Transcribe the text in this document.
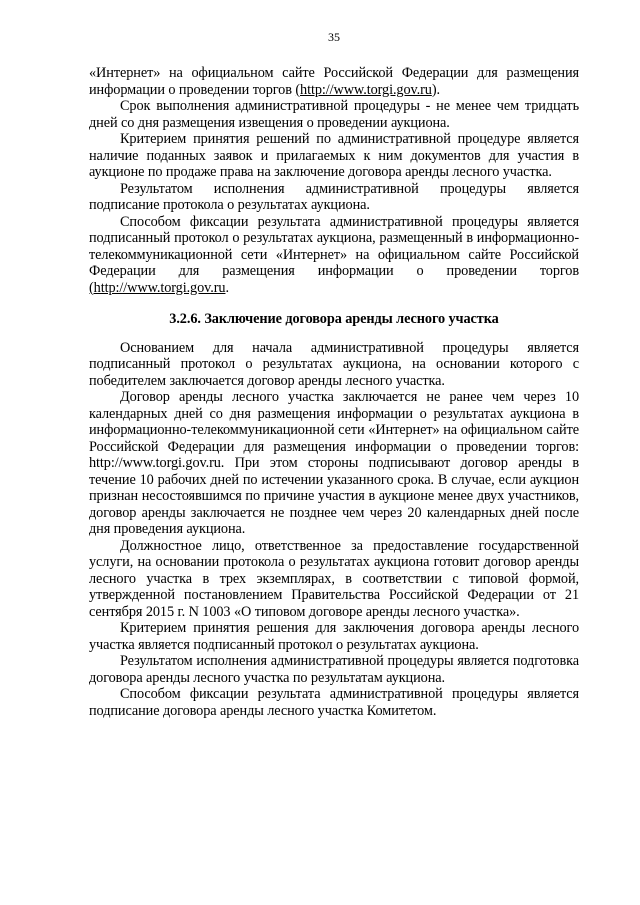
35

«Интернет» на официальном сайте Российской Федерации для размещения информации о проведении торгов (http://www.torgi.gov.ru).

Срок выполнения административной процедуры - не менее чем тридцать дней со дня размещения извещения о проведении аукциона.

Критерием принятия решений по административной процедуре является наличие поданных заявок и прилагаемых к ним документов для участия в аукционе по продаже права на заключение договора аренды лесного участка.

Результатом исполнения административной процедуры является подписание протокола о результатах аукциона.

Способом фиксации результата административной процедуры является подписанный протокол о результатах аукциона, размещенный в информационно-телекоммуникационной сети «Интернет» на официальном сайте Российской Федерации для размещения информации о проведении торгов (http://www.torgi.gov.ru.

3.2.6. Заключение договора аренды лесного участка

Основанием для начала административной процедуры является подписанный протокол о результатах аукциона, на основании которого с победителем заключается договор аренды лесного участка.

Договор аренды лесного участка заключается не ранее чем через 10 календарных дней со дня размещения информации о результатах аукциона в информационно-телекоммуникационной сети «Интернет» на официальном сайте Российской Федерации для размещения информации о проведении торгов: http://www.torgi.gov.ru. При этом стороны подписывают договор аренды в течение 10 рабочих дней по истечении указанного срока. В случае, если аукцион признан несостоявшимся по причине участия в аукционе менее двух участников, договор аренды заключается не позднее чем через 20 календарных дней после дня проведения аукциона.

Должностное лицо, ответственное за предоставление государственной услуги, на основании протокола о результатах аукциона готовит договор аренды лесного участка в трех экземплярах, в соответствии с типовой формой, утвержденной постановлением Правительства Российской Федерации от 21 сентября 2015 г. N 1003 «О типовом договоре аренды лесного участка».

Критерием принятия решения для заключения договора аренды лесного участка является подписанный протокол о результатах аукциона.

Результатом исполнения административной процедуры является подготовка договора аренды лесного участка по результатам аукциона.

Способом фиксации результата административной процедуры является подписание договора аренды лесного участка Комитетом.
